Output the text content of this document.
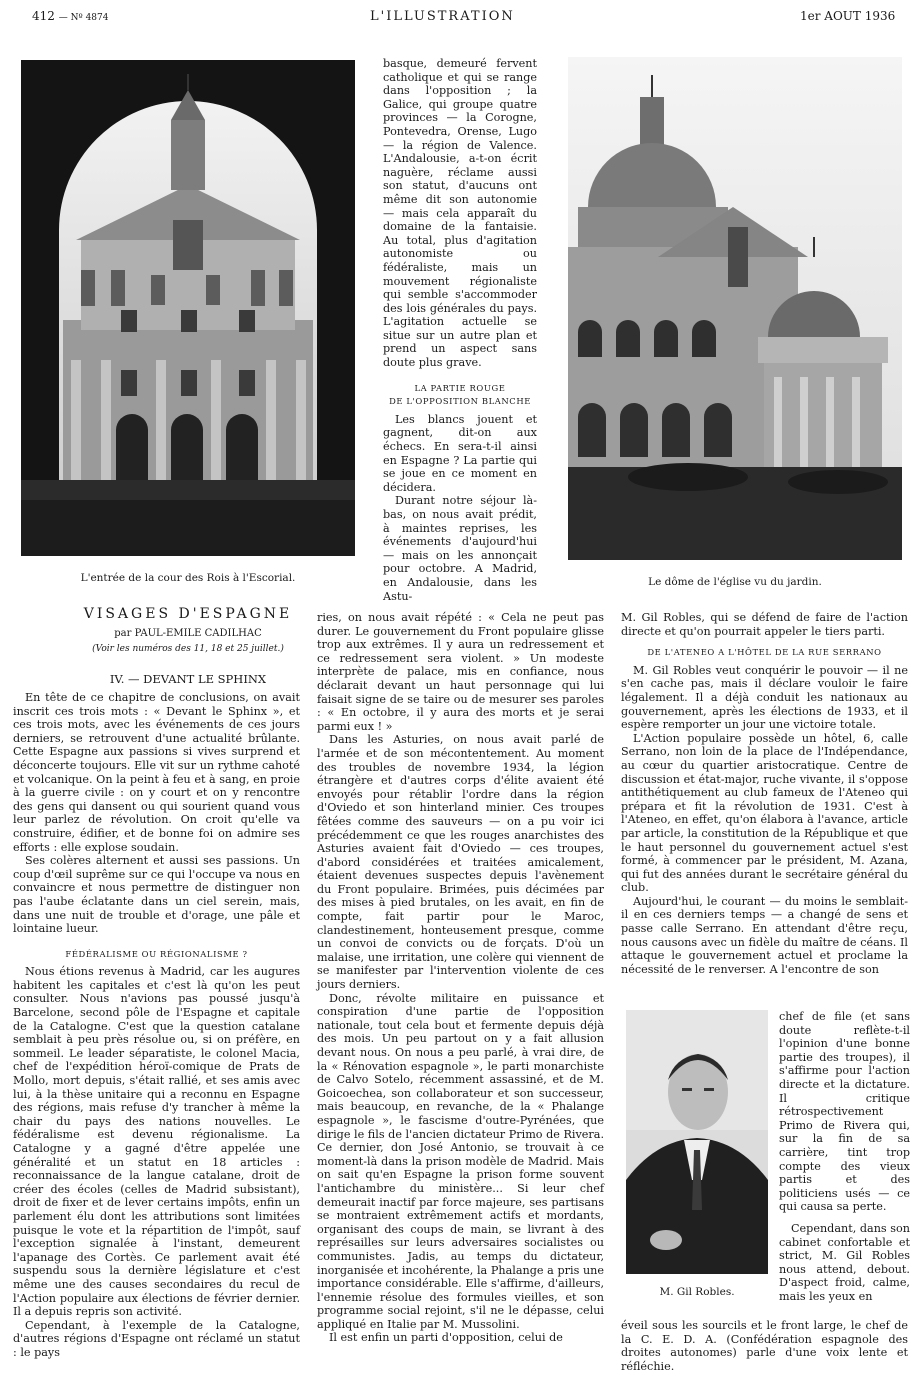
412 — Nº 4874	L'ILLUSTRATION	1er AOUT 1936
L'entrée de la cour des Rois à l'Escorial.
VISAGES D'ESPAGNE
par PAUL-EMILE CADILHAC
(Voir les numéros des 11, 18 et 25 juillet.)
IV. — DEVANT LE SPHINX

En tête de ce chapitre de conclusions, on avait inscrit ces trois mots : « Devant le Sphinx », et ces trois mots, avec les événements de ces jours derniers, se retrouvent d'une actualité brûlante. Cette Espagne aux passions si vives surprend et déconcerte toujours. Elle vit sur un rythme cahoté et volcanique. On la peint à feu et à sang, en proie à la guerre civile : on y court et on y rencontre des gens qui dansent ou qui sourient quand vous leur parlez de révolution. On croit qu'elle va construire, édifier, et de bonne foi on admire ses efforts : elle explose soudain.

Ses colères alternent et aussi ses passions. Un coup d'œil suprême sur ce qui l'occupe va nous en convaincre et nous permettre de distinguer non pas l'aube éclatante dans un ciel serein, mais, dans une nuit de trouble et d'orage, une pâle et lointaine lueur.

FÉDÉRALISME OU RÉGIONALISME ?

Nous étions revenus à Madrid, car les augures habitent les capitales et c'est là qu'on les peut consulter. Nous n'avions pas poussé jusqu'à Barcelone, second pôle de l'Espagne et capitale de la Catalogne. C'est que la question catalane semblait à peu près résolue ou, si on préfère, en sommeil. Le leader séparatiste, le colonel Macia, chef de l'expédition héroï-comique de Prats de Mollo, mort depuis, s'était rallié, et ses amis avec lui, à la thèse unitaire qui a reconnu en Espagne des régions, mais refuse d'y trancher à même la chair du pays des nations nouvelles. Le fédéralisme est devenu régionalisme. La Catalogne y a gagné d'être appelée une généralité et un statut en 18 articles : reconnaissance de la langue catalane, droit de créer des écoles (celles de Madrid subsistant), droit de fixer et de lever certains impôts, enfin un parlement élu dont les attributions sont limitées puisque le vote et la répartition de l'impôt, sauf l'exception signalée à l'instant, demeurent l'apanage des Cortès. Ce parlement avait été suspendu sous la dernière législature et c'est même une des causes secondaires du recul de l'Action populaire aux élections de février dernier. Il a depuis repris son activité.

Cependant, à l'exemple de la Catalogne, d'autres régions d'Espagne ont réclamé un statut : le pays

basque, demeuré fervent catholique et qui se range dans l'opposition ; la Galice, qui groupe quatre provinces — la Corogne, Pontevedra, Orense, Lugo — la région de Valence. L'Andalousie, a-t-on écrit naguère, réclame aussi son statut, d'aucuns ont même dit son autonomie — mais cela apparaît du domaine de la fantaisie. Au total, plus d'agitation autonomiste ou fédéraliste, mais un mouvement régionaliste qui semble s'accommoder des lois générales du pays. L'agitation actuelle se situe sur un autre plan et prend un aspect sans doute plus grave.

LA PARTIE ROUGE
DE L'OPPOSITION BLANCHE

Les blancs jouent et gagnent, dit-on aux échecs. En sera-t-il ainsi en Espagne ? La partie qui se joue en ce moment en décidera.

Durant notre séjour là-bas, on nous avait prédit, à maintes reprises, les événements d'aujourd'hui — mais on les annonçait pour octobre. A Madrid, en Andalousie, dans les Astu-

ries, on nous avait répété : « Cela ne peut pas durer. Le gouvernement du Front populaire glisse trop aux extrêmes. Il y aura un redressement et ce redressement sera violent. » Un modeste interprète de palace, mis en confiance, nous déclarait devant un haut personnage qui lui faisait signe de se taire ou de mesurer ses paroles : « En octobre, il y aura des morts et je serai parmi eux ! »

Dans les Asturies, on nous avait parlé de l'armée et de son mécontentement. Au moment des troubles de novembre 1934, la légion étrangère et d'autres corps d'élite avaient été envoyés pour rétablir l'ordre dans la région d'Oviedo et son hinterland minier. Ces troupes fêtées comme des sauveurs — on a pu voir ici précédemment ce que les rouges anarchistes des Asturies avaient fait d'Oviedo — ces troupes, d'abord considérées et traitées amicalement, étaient devenues suspectes depuis l'avènement du Front populaire. Brimées, puis décimées par des mises à pied brutales, on les avait, en fin de compte, fait partir pour le Maroc, clandestinement, honteusement presque, comme un convoi de convicts ou de forçats. D'où un malaise, une irritation, une colère qui viennent de se manifester par l'intervention violente de ces jours derniers.

Donc, révolte militaire en puissance et conspiration d'une partie de l'opposition nationale, tout cela bout et fermente depuis déjà des mois. Un peu partout on y a fait allusion devant nous. On nous a peu parlé, à vrai dire, de la « Rénovation espagnole », le parti monarchiste de Calvo Sotelo, récemment assassiné, et de M. Goicoechea, son collaborateur et son successeur, mais beaucoup, en revanche, de la « Phalange espagnole », le fascisme d'outre-Pyrénées, que dirige le fils de l'ancien dictateur Primo de Rivera. Ce dernier, don José Antonio, se trouvait à ce moment-là dans la prison modèle de Madrid. Mais on sait qu'en Espagne la prison forme souvent l'antichambre du ministère... Si leur chef demeurait inactif par force majeure, ses partisans se montraient extrêmement actifs et mordants, organisant des coups de main, se livrant à des représailles sur leurs adversaires socialistes ou communistes. Jadis, au temps du dictateur, inorganisée et incohérente, la Phalange a pris une importance considérable. Elle s'affirme, d'ailleurs, l'ennemie résolue des formules vieilles, et son programme social rejoint, s'il ne le dépasse, celui appliqué en Italie par M. Mussolini.

Il est enfin un parti d'opposition, celui de

Le dôme de l'église vu du jardin.

M. Gil Robles, qui se défend de faire de l'action directe et qu'on pourrait appeler le tiers parti.

DE L'ATENEO A L'HÔTEL DE LA RUE SERRANO

M. Gil Robles veut conquérir le pouvoir — il ne s'en cache pas, mais il déclare vouloir le faire légalement. Il a déjà conduit les nationaux au gouvernement, après les élections de 1933, et il espère remporter un jour une victoire totale.

L'Action populaire possède un hôtel, 6, calle Serrano, non loin de la place de l'Indépendance, au cœur du quartier aristocratique. Centre de discussion et état-major, ruche vivante, il s'oppose antithétiquement au club fameux de l'Ateneo qui prépara et fit la révolution de 1931. C'est à l'Ateneo, en effet, qu'on élabora à l'avance, article par article, la constitution de la République et que le haut personnel du gouvernement actuel s'est formé, à commencer par le président, M. Azana, qui fut des années durant le secrétaire général du club.

Aujourd'hui, le courant — du moins le semblait-il en ces derniers temps — a changé de sens et passe calle Serrano. En attendant d'être reçu, nous causons avec un fidèle du maître de céans. Il attaque le gouvernement actuel et proclame la nécessité de le renverser. A l'encontre de son

M. Gil Robles.

chef de file (et sans doute reflète-t-il l'opinion d'une bonne partie des troupes), il s'affirme pour l'action directe et la dictature. Il critique rétrospectivement Primo de Rivera qui, sur la fin de sa carrière, tint trop compte des vieux partis et des politiciens usés — ce qui causa sa perte.

Cependant, dans son cabinet confortable et strict, M. Gil Robles nous attend, debout. D'aspect froid, calme, mais les yeux en

éveil sous les sourcils et le front large, le chef de la C. E. D. A. (Confédération espagnole des droites autonomes) parle d'une voix lente et réfléchie.
